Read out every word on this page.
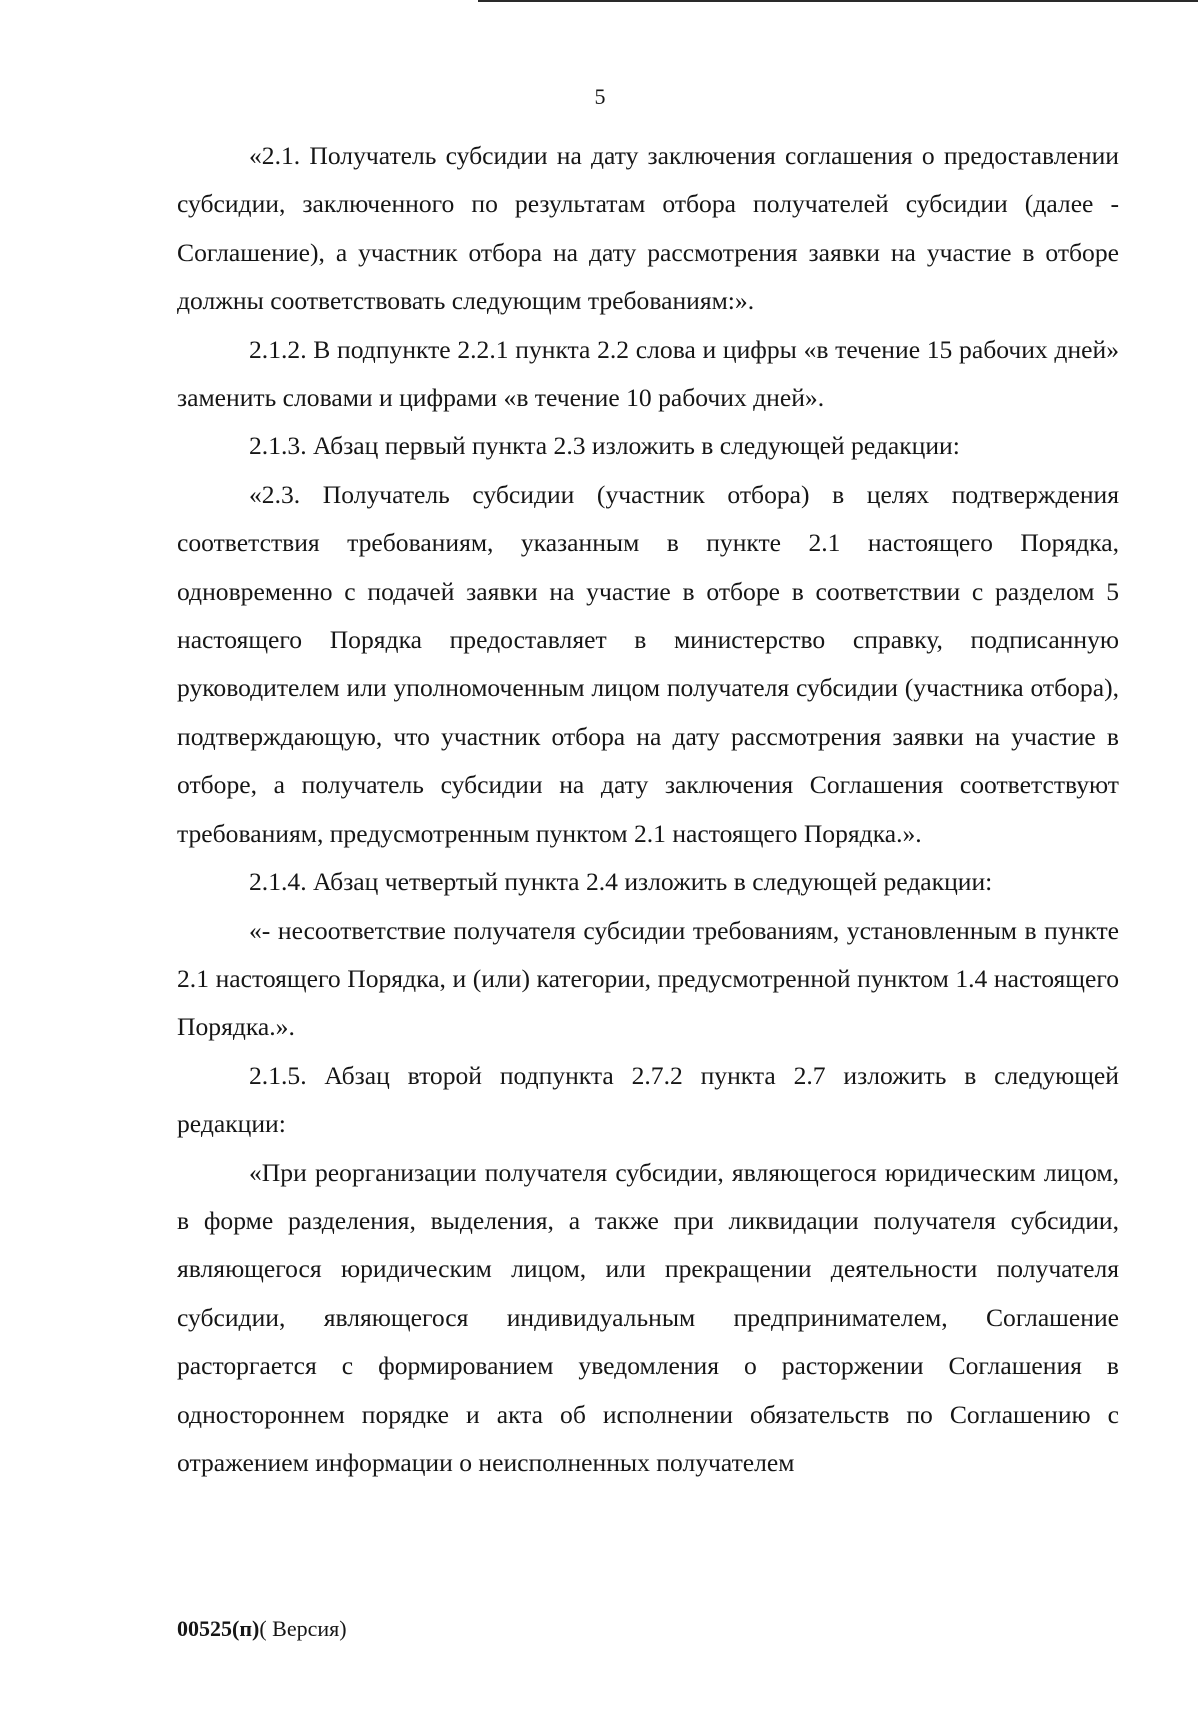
5

«2.1. Получатель субсидии на дату заключения соглашения о предоставлении субсидии, заключенного по результатам отбора получателей субсидии (далее - Соглашение), а участник отбора на дату рассмотрения заявки на участие в отборе должны соответствовать следующим требованиям:».

2.1.2. В подпункте 2.2.1 пункта 2.2 слова и цифры «в течение 15 рабочих дней» заменить словами и цифрами «в течение 10 рабочих дней».

2.1.3. Абзац первый пункта 2.3 изложить в следующей редакции:

«2.3. Получатель субсидии (участник отбора) в целях подтверждения соответствия требованиям, указанным в пункте 2.1 настоящего Порядка, одновременно с подачей заявки на участие в отборе в соответствии с разделом 5 настоящего Порядка предоставляет в министерство справку, подписанную руководителем или уполномоченным лицом получателя субсидии (участника отбора), подтверждающую, что участник отбора на дату рассмотрения заявки на участие в отборе, а получатель субсидии на дату заключения Соглашения соответствуют требованиям, предусмотренным пунктом 2.1 настоящего Порядка.».

2.1.4. Абзац четвертый пункта 2.4 изложить в следующей редакции:

«- несоответствие получателя субсидии требованиям, установленным в пункте 2.1 настоящего Порядка, и (или) категории, предусмотренной пунктом 1.4 настоящего Порядка.».

2.1.5. Абзац второй подпункта 2.7.2 пункта 2.7 изложить в следующей редакции:

«При реорганизации получателя субсидии, являющегося юридическим лицом, в форме разделения, выделения, а также при ликвидации получателя субсидии, являющегося юридическим лицом, или прекращении деятельности получателя субсидии, являющегося индивидуальным предпринимателем, Соглашение расторгается с формированием уведомления о расторжении Соглашения в одностороннем порядке и акта об исполнении обязательств по Соглашению с отражением информации о неисполненных получателем

00525(п)( Версия)
